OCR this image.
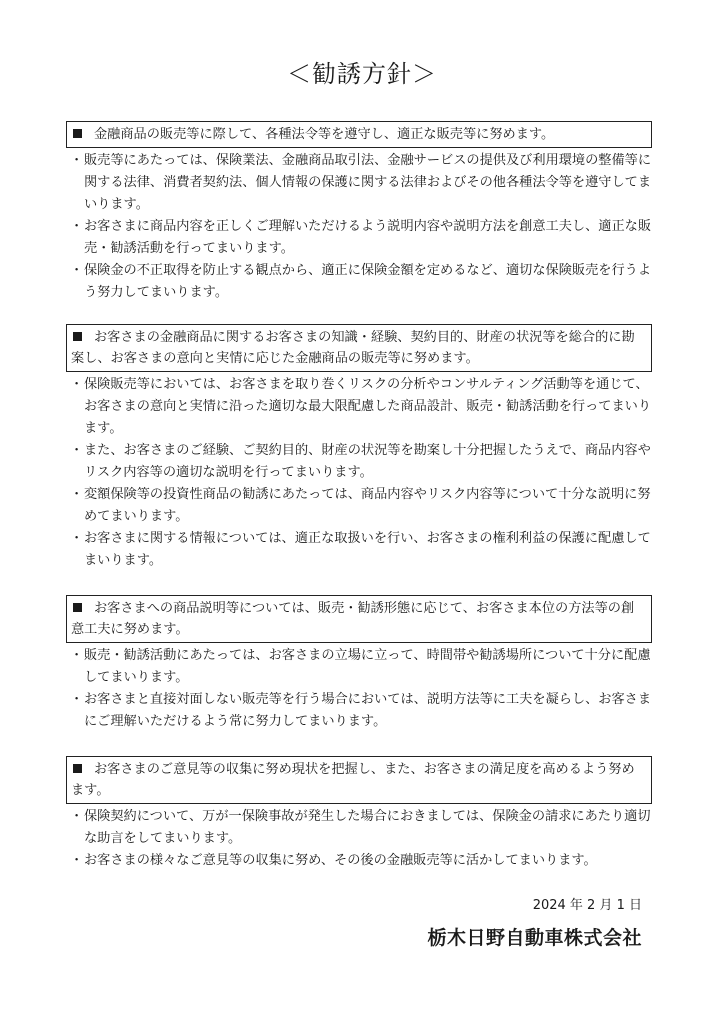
＜勧誘方針＞
金融商品の販売等に際して、各種法令等を遵守し、適正な販売等に努めます。
・ 販売等にあたっては、保険業法、金融商品取引法、金融サービスの提供及び利用環境の整備等に関する法律、消費者契約法、個人情報の保護に関する法律およびその他各種法令等を遵守してまいります。
・ お客さまに商品内容を正しくご理解いただけるよう説明内容や説明方法を創意工夫し、適正な販売・勧誘活動を行ってまいります。
・ 保険金の不正取得を防止する観点から、適正に保険金額を定めるなど、適切な保険販売を行うよう努力してまいります。
お客さまの金融商品に関するお客さまの知識・経験、契約目的、財産の状況等を総合的に勘案し、お客さまの意向と実情に応じた金融商品の販売等に努めます。
・ 保険販売等においては、お客さまを取り巻くリスクの分析やコンサルティング活動等を通じて、お客さまの意向と実情に沿った適切な最大限配慮した商品設計、販売・勧誘活動を行ってまいります。
・ また、お客さまのご経験、ご契約目的、財産の状況等を勘案し十分把握したうえで、商品内容やリスク内容等の適切な説明を行ってまいります。
・ 変額保険等の投資性商品の勧誘にあたっては、商品内容やリスク内容等について十分な説明に努めてまいります。
・ お客さまに関する情報については、適正な取扱いを行い、お客さまの権利利益の保護に配慮してまいります。
お客さまへの商品説明等については、販売・勧誘形態に応じて、お客さま本位の方法等の創意工夫に努めます。
・ 販売・勧誘活動にあたっては、お客さまの立場に立って、時間帯や勧誘場所について十分に配慮してまいります。
・ お客さまと直接対面しない販売等を行う場合においては、説明方法等に工夫を凝らし、お客さまにご理解いただけるよう常に努力してまいります。
お客さまのご意見等の収集に努め現状を把握し、また、お客さまの満足度を高めるよう努めます。
・ 保険契約について、万が一保険事故が発生した場合におきましては、保険金の請求にあたり適切な助言をしてまいります。
・ お客さまの様々なご意見等の収集に努め、その後の金融販売等に活かしてまいります。
2024 年 2 月 1 日
栃木日野自動車株式会社
